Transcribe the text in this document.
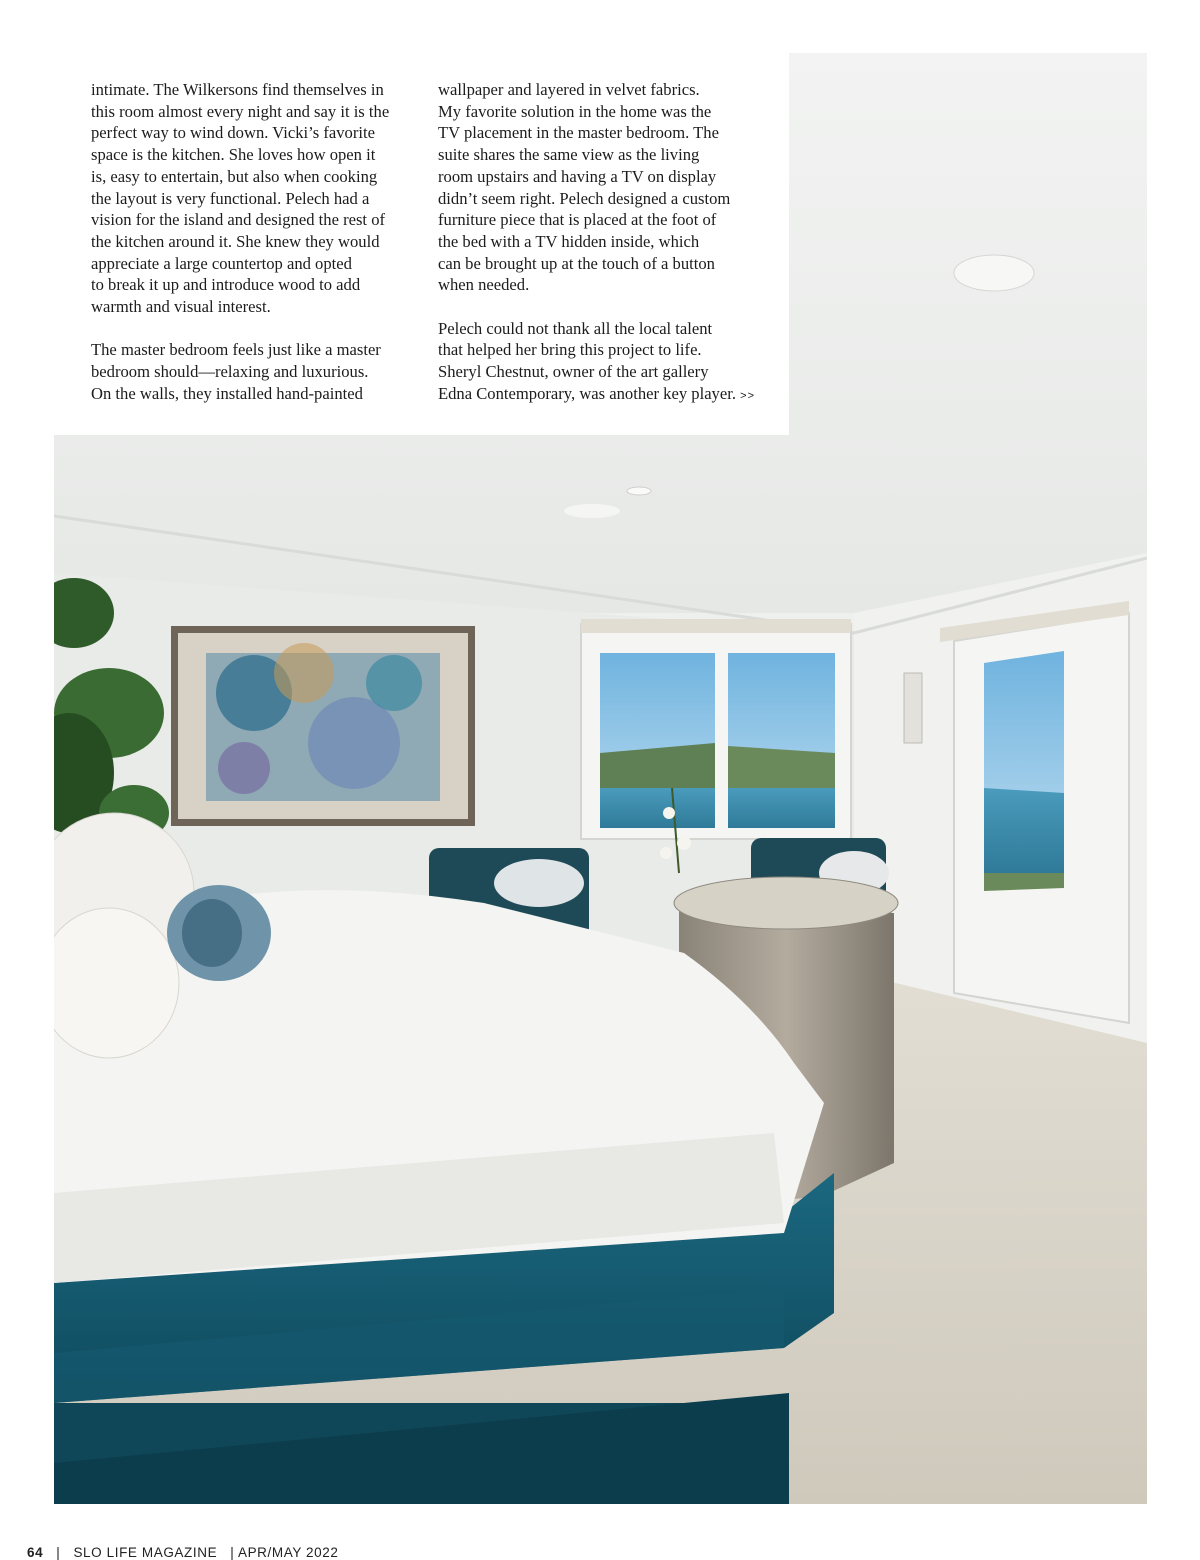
intimate. The Wilkersons find themselves in
this room almost every night and say it is the
perfect way to wind down. Vicki’s favorite
space is the kitchen. She loves how open it
is, easy to entertain, but also when cooking
the layout is very functional. Pelech had a
vision for the island and designed the rest of
the kitchen around it. She knew they would
appreciate a large countertop and opted
to break it up and introduce wood to add
warmth and visual interest.

The master bedroom feels just like a master
bedroom should—relaxing and luxurious.
On the walls, they installed hand-painted

wallpaper and layered in velvet fabrics.
My favorite solution in the home was the
TV placement in the master bedroom. The
suite shares the same view as the living
room upstairs and having a TV on display
didn’t seem right. Pelech designed a custom
furniture piece that is placed at the foot of
the bed with a TV hidden inside, which
can be brought up at the touch of a button
when needed.

Pelech could not thank all the local talent
that helped her bring this project to life.
Sheryl Chestnut, owner of the art gallery
Edna Contemporary, was another key player. >>

64 | SLO LIFE MAGAZINE | APR/MAY 2022
